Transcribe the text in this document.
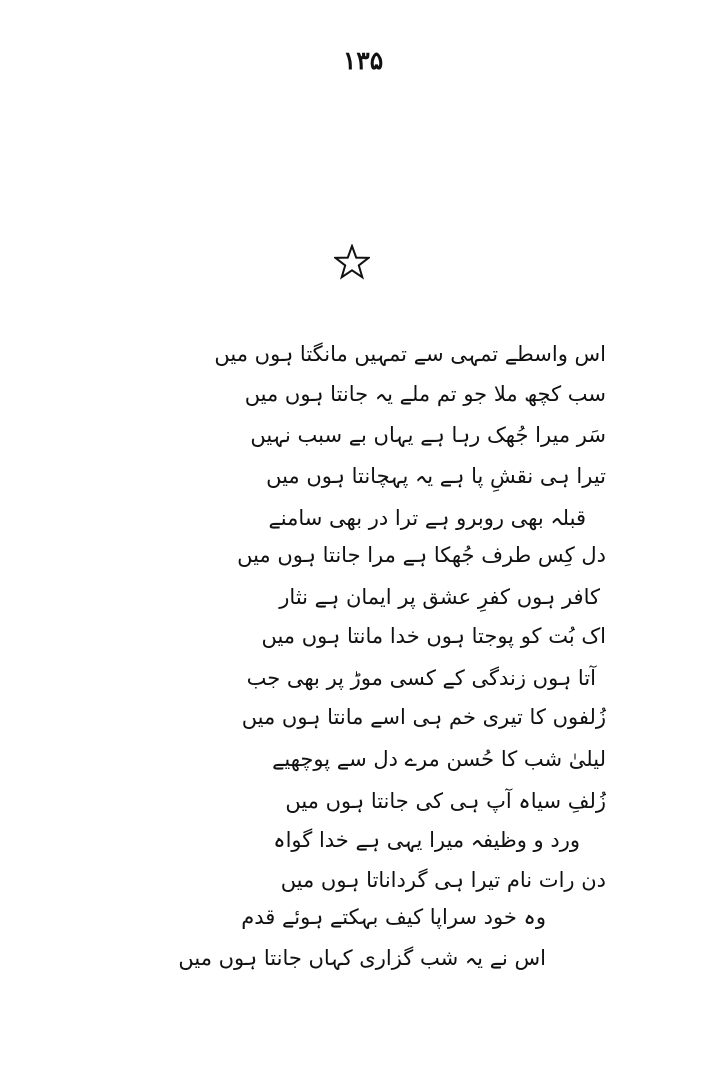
۱۳۵
اس واسطے تمہی سے تمہیں مانگتا ہوں میں
سب کچھ ملا جو تم ملے یہ جانتا ہوں میں
سَر میرا جُھک رہا ہے یہاں بے سبب نہیں
تیرا ہی نقشِ پا ہے یہ پہچانتا ہوں میں
قبلہ بھی روبرو ہے ترا در بھی سامنے
دل کِس طرف جُھکا ہے مرا جانتا ہوں میں
کافر ہوں کفرِ عشق پر ایمان ہے نثار
اک بُت کو پوجتا ہوں خدا مانتا ہوں میں
آتا ہوں زندگی کے کسی موڑ پر بھی جب
زُلفوں کا تیری خم ہی اسے مانتا ہوں میں
لیلیٰ شب کا حُسن مرے دل سے پوچھیے
زُلفِ سیاہ آپ ہی کی جانتا ہوں میں
ورد و وظیفہ میرا یہی ہے خدا گواہ
دن رات نام تیرا ہی گرداناتا ہوں میں
وہ خود سراپا کیف بہکتے ہوئے قدم
اس نے یہ شب گزاری کہاں جانتا ہوں میں
